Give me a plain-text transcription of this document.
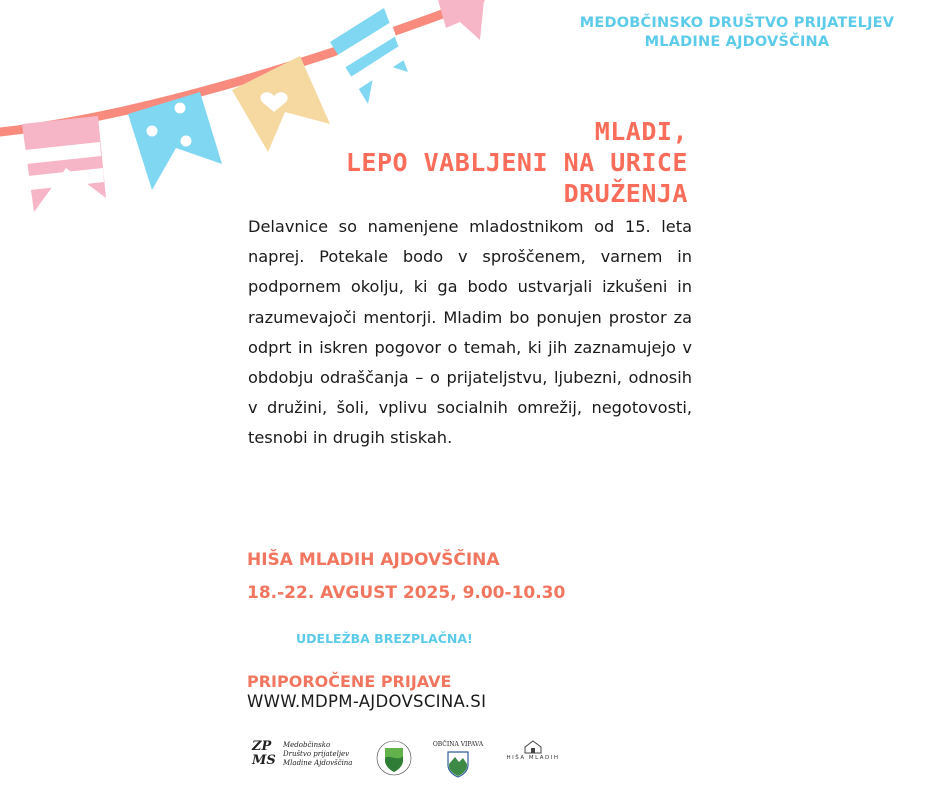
MEDOBČINSKO DRUŠTVO PRIJATELJEV
MLADINE AJDOVŠČINA
MLADI,
LEPO VABLJENI NA URICE
DRUŽENJA
Delavnice so namenjene mladostnikom od 15. leta naprej. Potekale bodo v sproščenem, varnem in podpornem okolju, ki ga bodo ustvarjali izkušeni in razumevajoči mentorji. Mladim bo ponujen prostor za odprt in iskren pogovor o temah, ki jih zaznamujejo v obdobju odraščanja – o prijateljstvu, ljubezni, odnosih v družini, šoli, vplivu socialnih omrežij, negotovosti, tesnobi in drugih stiskah.
HIŠA MLADIH AJDOVŠČINA
18.-22. AVGUST 2025, 9.00-10.30
UDELEŽBA BREZPLAČNA!
PRIPOROČENE PRIJAVE
WWW.MDPM-AJDOVSCINA.SI
ZP
MS
Medobčinsko
Društvo prijateljev
Mladine Ajdovščina
OBČINA VIPAVA
HIŠA MLADIH
